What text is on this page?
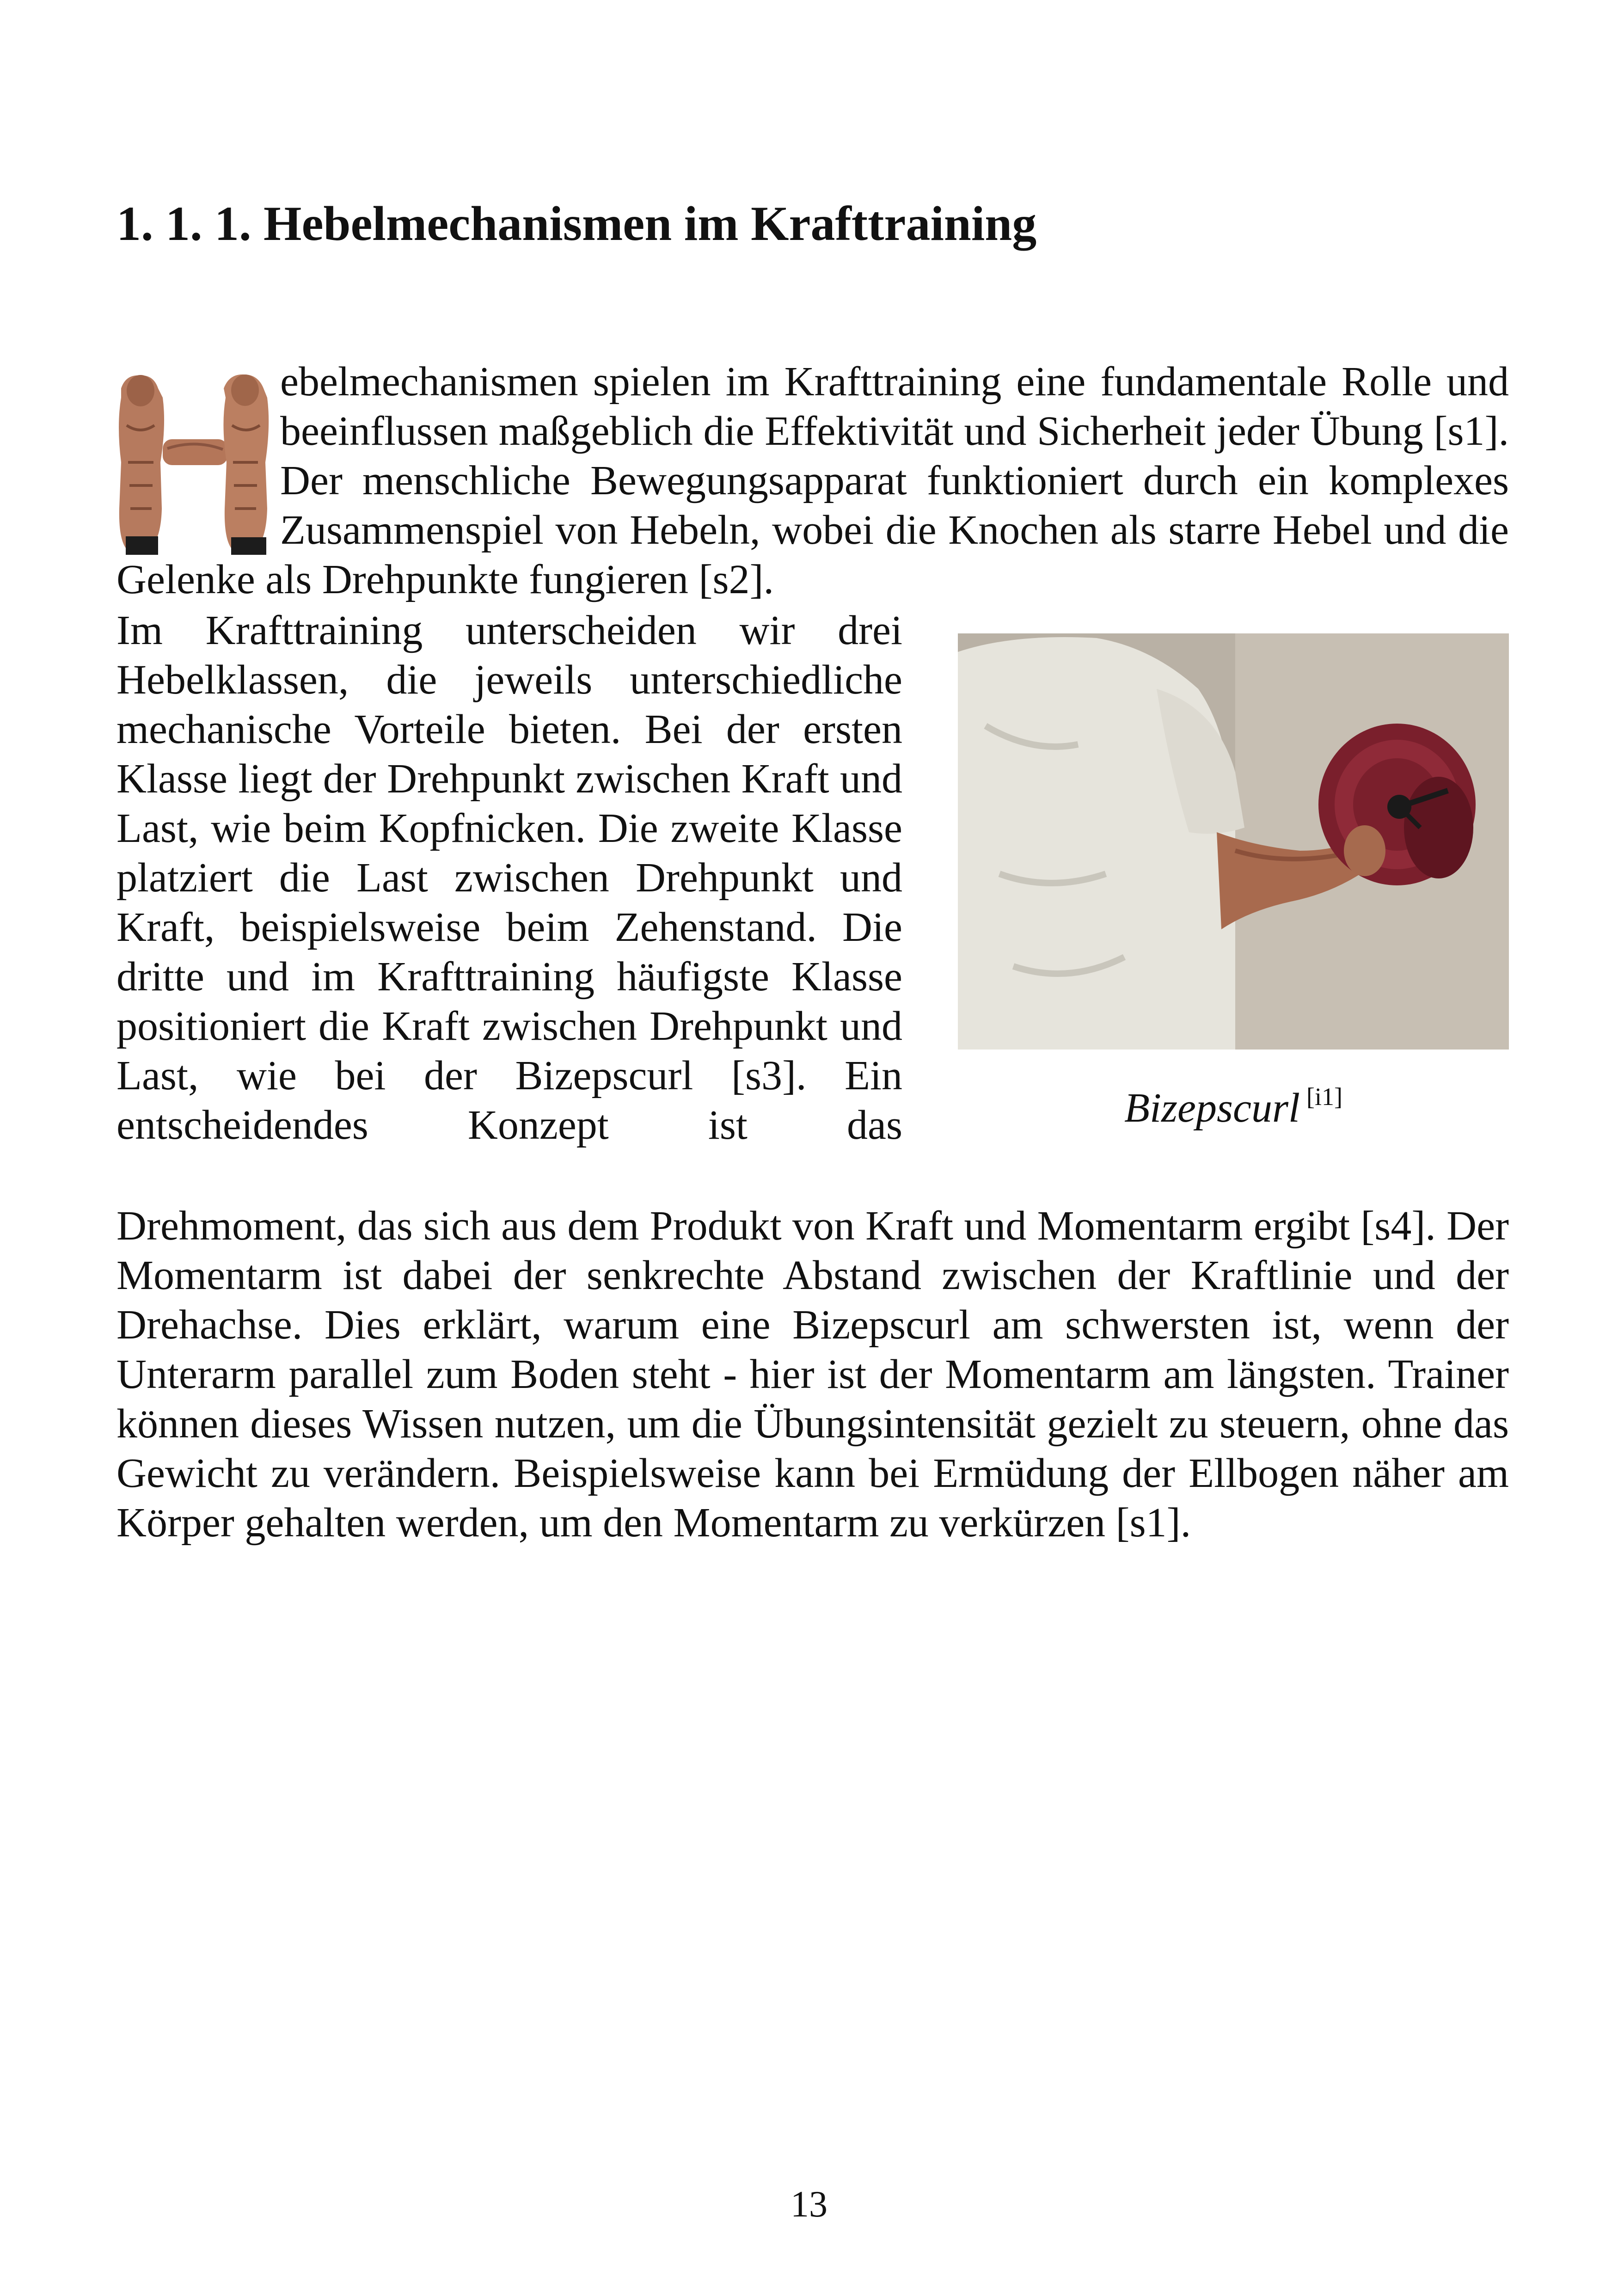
1. 1. 1. Hebelmechanismen im Krafttraining

ebelmechanismen spielen im Krafttraining eine fundamentale Rolle und beeinflussen maßgeblich die Effektivität und Sicherheit jeder Übung [s1]. Der menschliche Bewegungsapparat funktioniert durch ein komplexes Zusammenspiel von Hebeln, wobei die Knochen als starre Hebel und die Gelenke als Drehpunkte fungieren [s2].

Im Krafttraining unterscheiden wir drei Hebelklassen, die jeweils unterschiedliche mechanische Vorteile bieten. Bei der ersten Klasse liegt der Drehpunkt zwischen Kraft und Last, wie beim Kopfnicken. Die zweite Klasse platziert die Last zwischen Drehpunkt und Kraft, beispielsweise beim Zehenstand. Die dritte und im Krafttraining häufigste Klasse positioniert die Kraft zwischen Drehpunkt und Last, wie bei der Bizepscurl [s3]. Ein entscheidendes Konzept ist das	Bizepscurl [i1]

Drehmoment, das sich aus dem Produkt von Kraft und Momentarm ergibt [s4]. Der Momentarm ist dabei der senkrechte Abstand zwischen der Kraftlinie und der Drehachse. Dies erklärt, warum eine Bizepscurl am schwersten ist, wenn der Unterarm parallel zum Boden steht - hier ist der Momentarm am längsten. Trainer können dieses Wissen nutzen, um die Übungsintensität gezielt zu steuern, ohne das Gewicht zu verändern. Beispielsweise kann bei Ermüdung der Ellbogen näher am Körper gehalten werden, um den Momentarm zu verkürzen [s1].

13
